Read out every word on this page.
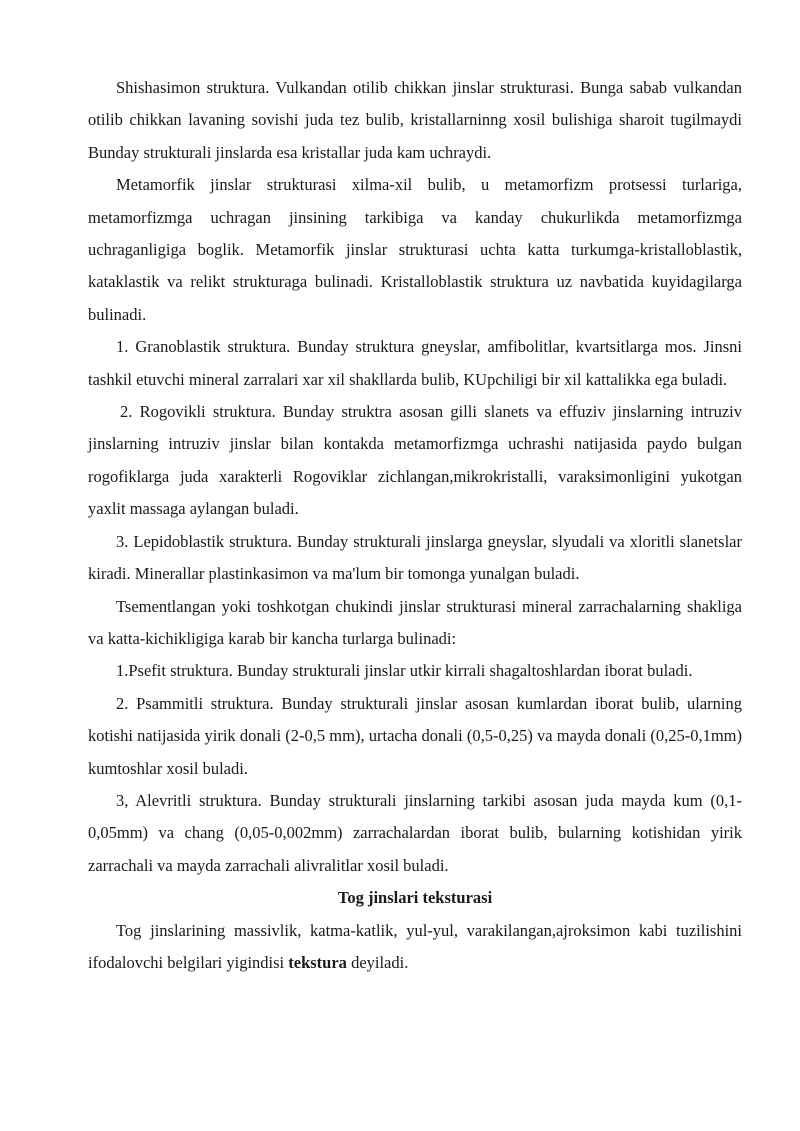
Shishasimon struktura. Vulkandan otilib chikkan jinslar strukturasi. Bunga sabab vulkandan otilib chikkan lavaning sovishi juda tez bulib, kristallarninng xosil bulishiga sharoit tugilmaydi Bunday strukturali jinslarda esa kristallar juda kam uchraydi.

Metamorfik jinslar strukturasi xilma-xil bulib, u metamorfizm protsessi turlariga, metamorfizmga uchragan jinsining tarkibiga va kanday chukurlikda metamorfizmga uchraganligiga boglik. Metamorfik jinslar strukturasi uchta katta turkumga-kristalloblastik, kataklastik va relikt strukturaga bulinadi. Kristalloblastik struktura uz navbatida kuyidagilarga bulinadi.

1. Granoblastik struktura. Bunday struktura gneyslar, amfibolitlar, kvartsitlarga mos. Jinsni tashkil etuvchi mineral zarralari xar xil shakllarda bulib, KUpchiligi bir xil kattalikka ega buladi.

2. Rogovikli struktura. Bunday struktra asosan gilli slanets va effuziv jinslarning intruziv jinslarning intruziv jinslar bilan kontakda metamorfizmga uchrashi natijasida paydo bulgan rogofiklarga juda xarakterli Rogoviklar zichlangan,mikrokristalli, varaksimonligini yukotgan yaxlit massaga aylangan buladi.

3. Lepidoblastik struktura. Bunday strukturali jinslarga gneyslar, slyudali va xloritli slanetslar kiradi. Minerallar plastinkasimon va ma'lum bir tomonga yunalgan buladi.

Tsementlangan yoki toshkotgan chukindi jinslar strukturasi mineral zarrachalarning shakliga va katta-kichikligiga karab bir kancha turlarga bulinadi:

1.Psefit struktura. Bunday strukturali jinslar utkir kirrali shagaltoshlardan iborat buladi.

2. Psammitli struktura. Bunday strukturali jinslar asosan kumlardan iborat bulib, ularning kotishi natijasida yirik donali (2-0,5 mm), urtacha donali (0,5-0,25) va mayda donali (0,25-0,1mm) kumtoshlar xosil buladi.

3, Alevritli struktura. Bunday strukturali jinslarning tarkibi asosan juda mayda kum (0,1-0,05mm) va chang (0,05-0,002mm) zarrachalardan iborat bulib, bularning kotishidan yirik zarrachali va mayda zarrachali alivralitlar xosil buladi.

Tog jinslari teksturasi

Tog jinslarining massivlik, katma-katlik, yul-yul, varakilangan,ajroksimon kabi tuzilishini ifodalovchi belgilari yigindisi tekstura deyiladi.
